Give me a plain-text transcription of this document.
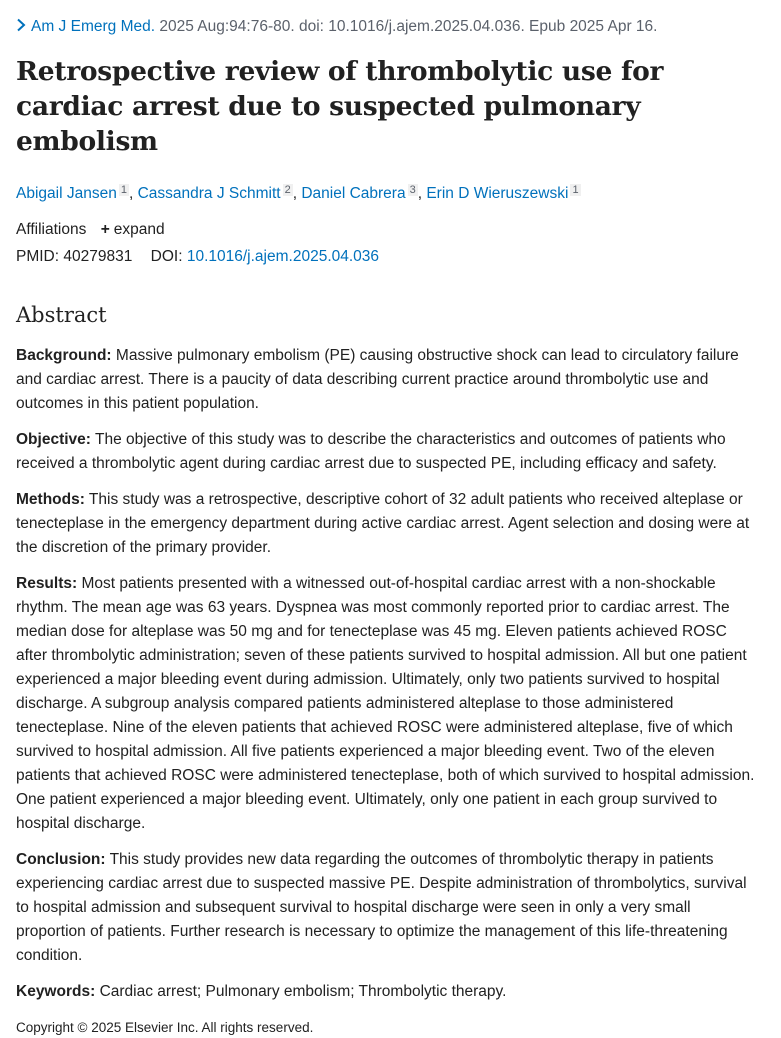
Am J Emerg Med. 2025 Aug:94:76-80. doi: 10.1016/j.ajem.2025.04.036. Epub 2025 Apr 16.
Retrospective review of thrombolytic use for cardiac arrest due to suspected pulmonary embolism
Abigail Jansen $^1$ , Cassandra J Schmitt $^2$ , Daniel Cabrera $^3$ , Erin D Wieruszewski $^1$
Affiliations + expand
PMID: 40279831 DOI: 10.1016/j.ajem.2025.04.036
Abstract

Background: Massive pulmonary embolism (PE) causing obstructive shock can lead to circulatory failure and cardiac arrest. There is a paucity of data describing current practice around thrombolytic use and outcomes in this patient population.

Objective: The objective of this study was to describe the characteristics and outcomes of patients who received a thrombolytic agent during cardiac arrest due to suspected PE, including efficacy and safety.

Methods: This study was a retrospective, descriptive cohort of 32 adult patients who received alteplase or tenecteplase in the emergency department during active cardiac arrest. Agent selection and dosing were at the discretion of the primary provider.

Results: Most patients presented with a witnessed out-of-hospital cardiac arrest with a non-shockable rhythm. The mean age was 63 years. Dyspnea was most commonly reported prior to cardiac arrest. The median dose for alteplase was 50 mg and for tenecteplase was 45 mg. Eleven patients achieved ROSC after thrombolytic administration; seven of these patients survived to hospital admission. All but one patient experienced a major bleeding event during admission. Ultimately, only two patients survived to hospital discharge. A subgroup analysis compared patients administered alteplase to those administered tenecteplase. Nine of the eleven patients that achieved ROSC were administered alteplase, five of which survived to hospital admission. All five patients experienced a major bleeding event. Two of the eleven patients that achieved ROSC were administered tenecteplase, both of which survived to hospital admission. One patient experienced a major bleeding event. Ultimately, only one patient in each group survived to hospital discharge.

Conclusion: This study provides new data regarding the outcomes of thrombolytic therapy in patients experiencing cardiac arrest due to suspected massive PE. Despite administration of thrombolytics, survival to hospital admission and subsequent survival to hospital discharge were seen in only a very small proportion of patients. Further research is necessary to optimize the management of this life-threatening condition.

Keywords: Cardiac arrest; Pulmonary embolism; Thrombolytic therapy.

Copyright © 2025 Elsevier Inc. All rights reserved.
